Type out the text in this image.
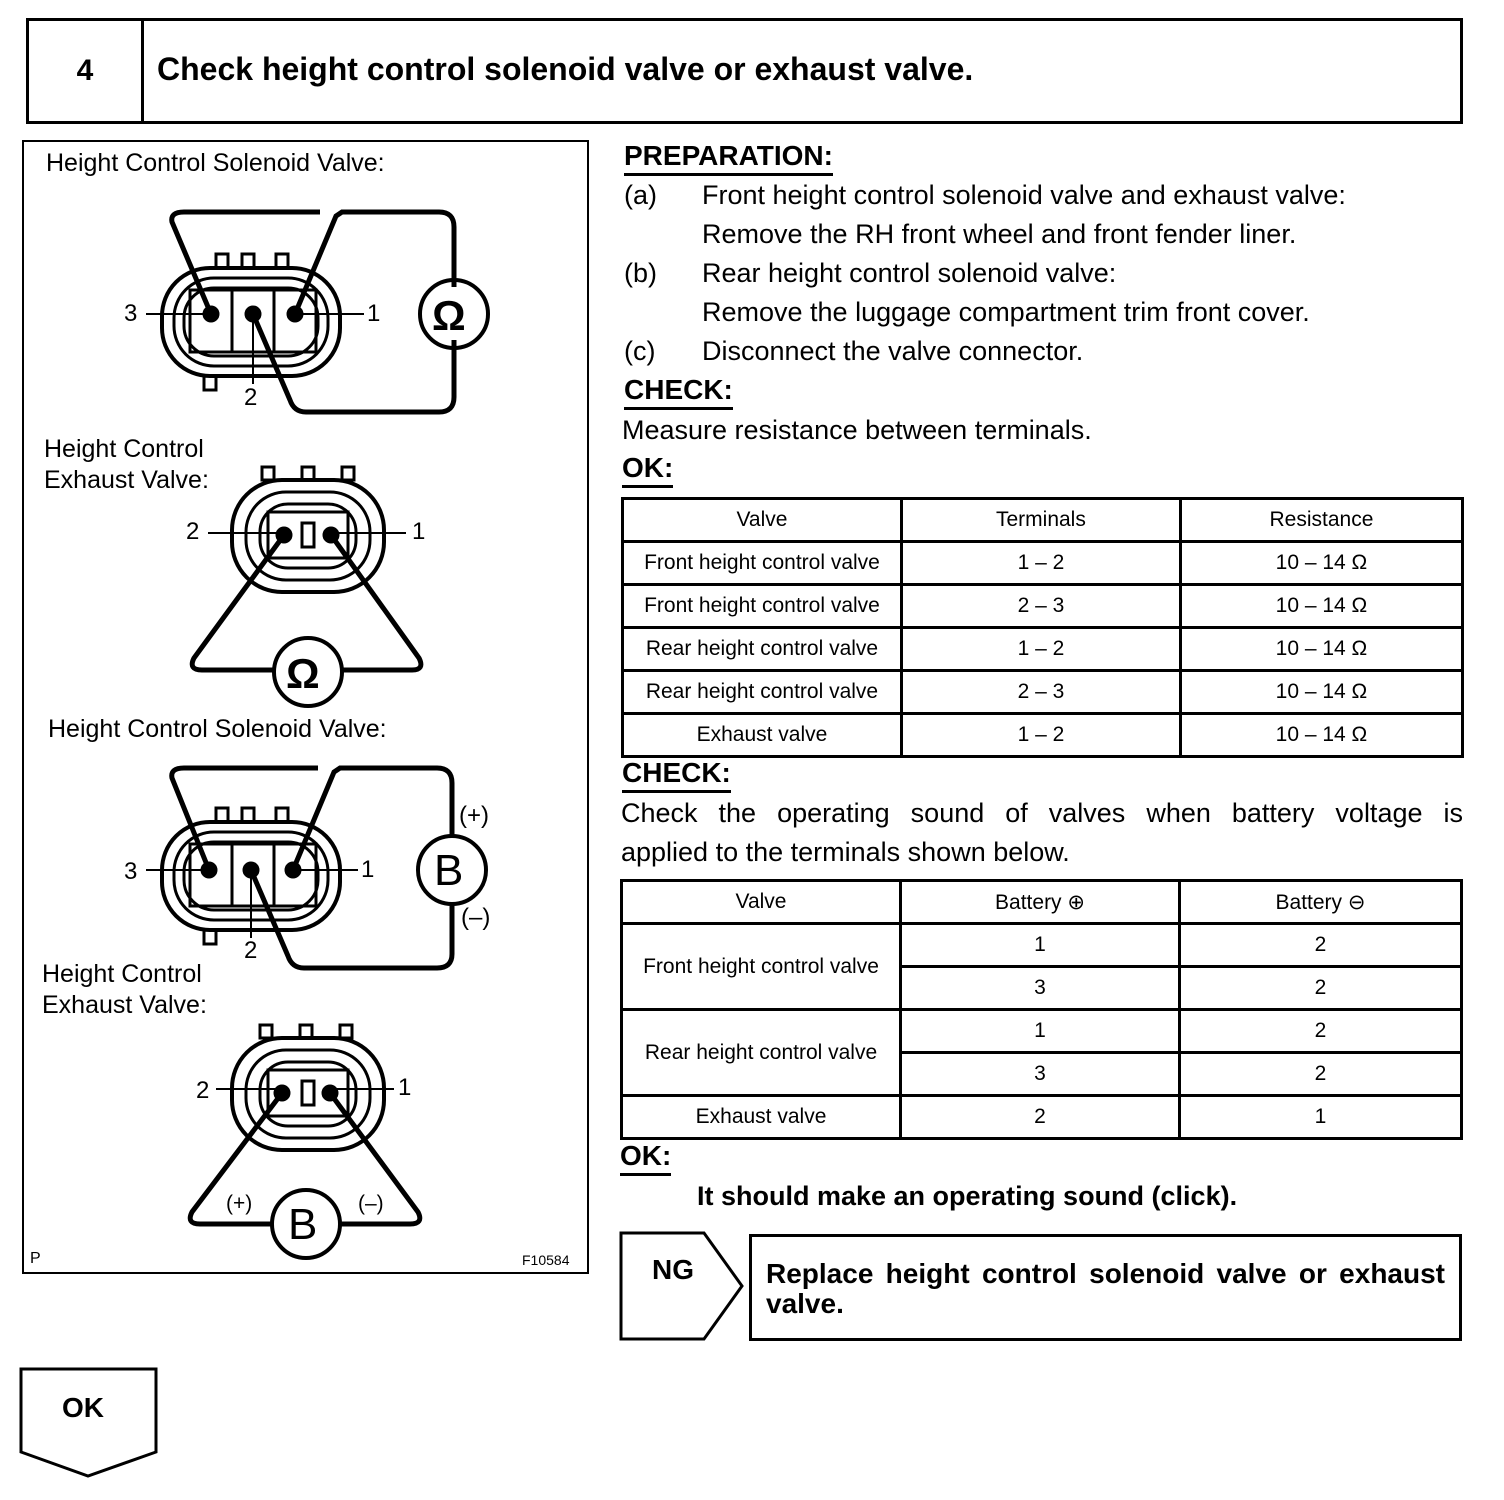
4	Check height control solenoid valve or exhaust valve.
Height Control Solenoid Valve:
Height Control
Exhaust Valve:
Height Control Solenoid Valve:
Height Control
Exhaust Valve:
3	1
2
Ω
2	1
Ω
3	1
2
B
(+)
(–)
2	1
B
(+)	(–)
P	F10584
PREPARATION:
(a) Front height control solenoid valve and exhaust valve:
Remove the RH front wheel and front fender liner.
(b) Rear height control solenoid valve:
Remove the luggage compartment trim front cover.
(c) Disconnect the valve connector.
CHECK:
Measure resistance between terminals.
OK:
Valve	Terminals	Resistance
Front height control valve	1 – 2	10 – 14 Ω
Front height control valve	2 – 3	10 – 14 Ω
Rear height control valve	1 – 2	10 – 14 Ω
Rear height control valve	2 – 3	10 – 14 Ω
Exhaust valve	1 – 2	10 – 14 Ω
CHECK:
Check the operating sound of valves when battery voltage is
applied to the terminals shown below.
Valve	Battery ⊕	Battery ⊖
Front height control valve	1	2
	3	2
Rear height control valve	1	2
	3	2
Exhaust valve	2	1
OK:
It should make an operating sound (click).
NG	Replace height control solenoid valve or exhaust valve.
OK
